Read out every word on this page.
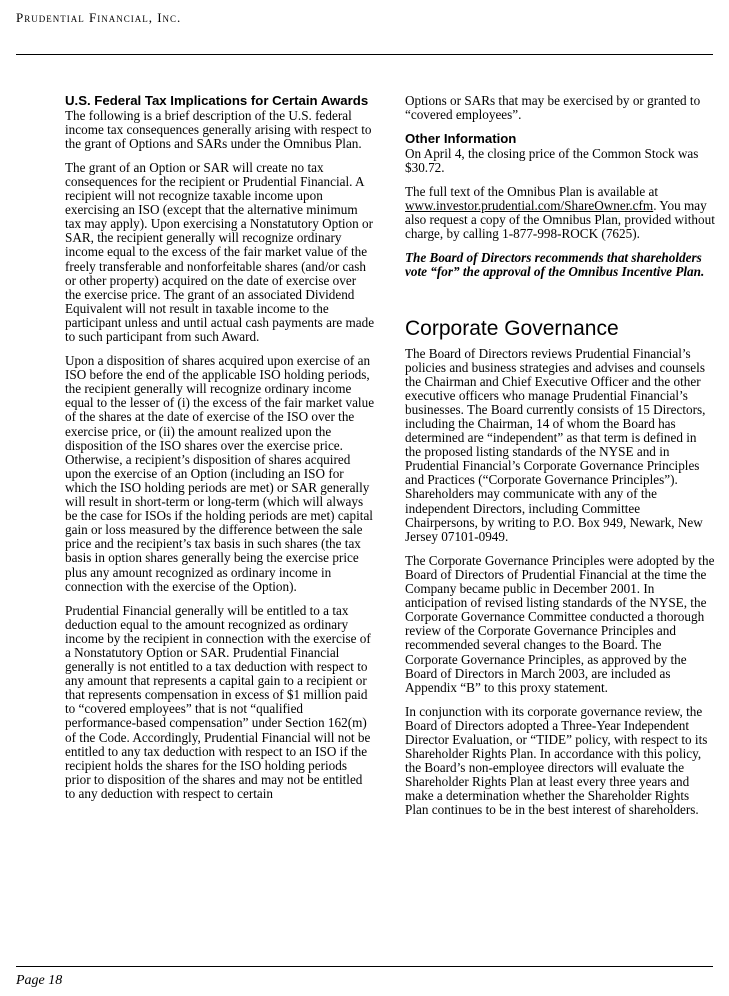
Prudential Financial, Inc.
U.S. Federal Tax Implications for Certain Awards

The following is a brief description of the U.S. federal income tax consequences generally arising with respect to the grant of Options and SARs under the Omnibus Plan.

The grant of an Option or SAR will create no tax consequences for the recipient or Prudential Financial. A recipient will not recognize taxable income upon exercising an ISO (except that the alternative minimum tax may apply). Upon exercising a Nonstatutory Option or SAR, the recipient generally will recognize ordinary income equal to the excess of the fair market value of the freely transferable and nonforfeitable shares (and/or cash or other property) acquired on the date of exercise over the exercise price. The grant of an associated Dividend Equivalent will not result in taxable income to the participant unless and until actual cash payments are made to such participant from such Award.

Upon a disposition of shares acquired upon exercise of an ISO before the end of the applicable ISO holding periods, the recipient generally will recognize ordinary income equal to the lesser of (i) the excess of the fair market value of the shares at the date of exercise of the ISO over the exercise price, or (ii) the amount realized upon the disposition of the ISO shares over the exercise price. Otherwise, a recipient’s disposition of shares acquired upon the exercise of an Option (including an ISO for which the ISO holding periods are met) or SAR generally will result in short-term or long-term (which will always be the case for ISOs if the holding periods are met) capital gain or loss measured by the difference between the sale price and the recipient’s tax basis in such shares (the tax basis in option shares generally being the exercise price plus any amount recognized as ordinary income in connection with the exercise of the Option).

Prudential Financial generally will be entitled to a tax deduction equal to the amount recognized as ordinary income by the recipient in connection with the exercise of a Nonstatutory Option or SAR. Prudential Financial generally is not entitled to a tax deduction with respect to any amount that represents a capital gain to a recipient or that represents compensation in excess of $1 million paid to “covered employees” that is not “qualified performance-based compensation” under Section 162(m) of the Code. Accordingly, Prudential Financial will not be entitled to any tax deduction with respect to an ISO if the recipient holds the shares for the ISO holding periods prior to disposition of the shares and may not be entitled to any deduction with respect to certain

Options or SARs that may be exercised by or granted to “covered employees”.

Other Information

On April 4, the closing price of the Common Stock was $30.72.

The full text of the Omnibus Plan is available at www.investor.prudential.com/ShareOwner.cfm. You may also request a copy of the Omnibus Plan, provided without charge, by calling 1-877-998-ROCK (7625).

The Board of Directors recommends that shareholders vote “for” the approval of the Omnibus Incentive Plan.

Corporate Governance

The Board of Directors reviews Prudential Financial’s policies and business strategies and advises and counsels the Chairman and Chief Executive Officer and the other executive officers who manage Prudential Financial’s businesses. The Board currently consists of 15 Directors, including the Chairman, 14 of whom the Board has determined are “independent” as that term is defined in the proposed listing standards of the NYSE and in Prudential Financial’s Corporate Governance Principles and Practices (“Corporate Governance Principles”). Shareholders may communicate with any of the independent Directors, including Committee Chairpersons, by writing to P.O. Box 949, Newark, New Jersey 07101-0949.

The Corporate Governance Principles were adopted by the Board of Directors of Prudential Financial at the time the Company became public in December 2001. In anticipation of revised listing standards of the NYSE, the Corporate Governance Committee conducted a thorough review of the Corporate Governance Principles and recommended several changes to the Board. The Corporate Governance Principles, as approved by the Board of Directors in March 2003, are included as Appendix “B” to this proxy statement.

In conjunction with its corporate governance review, the Board of Directors adopted a Three-Year Independent Director Evaluation, or “TIDE” policy, with respect to its Shareholder Rights Plan. In accordance with this policy, the Board’s non-employee directors will evaluate the Shareholder Rights Plan at least every three years and make a determination whether the Shareholder Rights Plan continues to be in the best interest of shareholders.

Page 18
